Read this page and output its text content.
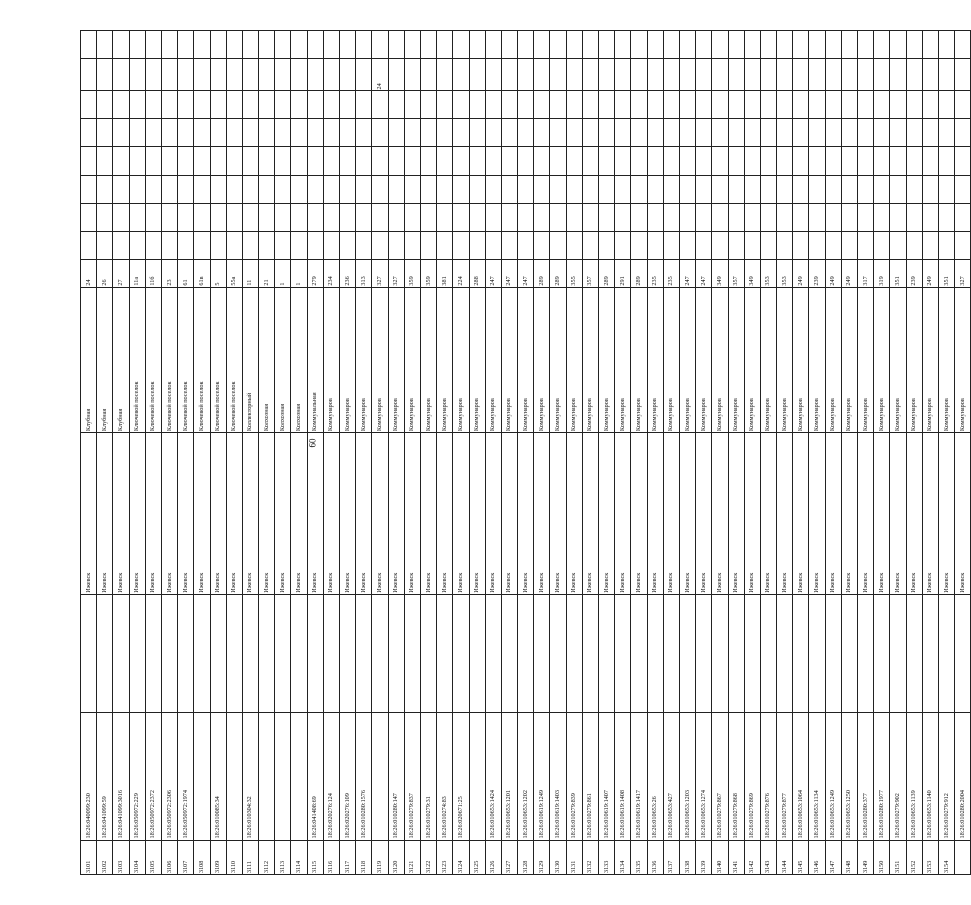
60
3101	18:26:040099:230		Ижевск	Клубная	24								
3102	18:26:041099:59		Ижевск	Клубная	26								
3103	18:26:041099:3016		Ижевск	Клубная	27								
3104	18:26:050972:229		Ижевск	Ключевой поселок	11а								
3105	18:26:050972:2372		Ижевск	Ключевой поселок	11б								
3106	18:26:050972:2306		Ижевск	Ключевой поселок	23								
3107	18:26:050972:1974		Ижевск	Ключевой поселок	61								
3108			Ижевск	Ключевой поселок	61в								
3109	18:26:010085:34		Ижевск	Ключевой поселок	5								
3110			Ижевск	Ключевой поселок	55а								
3111	18:26:010304:32		Ижевск	Коллекторный	11								
3112			Ижевск	Колхозная	21								
3113			Ижевск	Колхозная	1								
3114			Ижевск	Колхозная	1								
3115	18:26:041408:69		Ижевск	Коммунальная	279								
3116	18:26:020276:124		Ижевск	Коммунаров	234								
3117	18:26:020276:109		Ижевск	Коммунаров	236								
3118	18:26:010280:1576		Ижевск	Коммунаров	313								
3119			Ижевск	Коммунаров	327							24	
3120	18:26:010280:147		Ижевск	Коммунаров	327								
3121	18:26:010279:837		Ижевск	Коммунаров	359								
3122	18:26:010279:31		Ижевск	Коммунаров	359								
3123	18:26:010274:83		Ижевск	Коммунаров	381								
3124	18:26:020671:25		Ижевск	Коммунаров	224								
3125			Ижевск	Коммунаров	288								
3126	18:26:010653:1424		Ижевск	Коммунаров	247								
3127	18:26:010653:1201		Ижевск	Коммунаров	247								
3128	18:26:010653:1202		Ижевск	Коммунаров	247								
3129	18:26:010619:1249		Ижевск	Коммунаров	289								
3130	18:26:010619:1403		Ижевск	Коммунаров	289								
3131	18:26:010279:839		Ижевск	Коммунаров	355								
3132	18:26:010279:861		Ижевск	Коммунаров	357								
3133	18:26:010619:1407		Ижевск	Коммунаров	289								
3134	18:26:010619:1408		Ижевск	Коммунаров	291								
3135	18:26:010619:1417		Ижевск	Коммунаров	289								
3136	18:26:010653:26		Ижевск	Коммунаров	235								
3137	18:26:010653:427		Ижевск	Коммунаров	235								
3138	18:26:010653:1203		Ижевск	Коммунаров	247								
3139	18:26:010653:1274		Ижевск	Коммунаров	247								
3140	18:26:010279:867		Ижевск	Коммунаров	349								
3141	18:26:010279:868		Ижевск	Коммунаров	357								
3142	18:26:010279:869		Ижевск	Коммунаров	349								
3143	18:26:010279:876		Ижевск	Коммунаров	353								
3144	18:26:010279:877		Ижевск	Коммунаров	353								
3145	18:26:010653:1064		Ижевск	Коммунаров	249								
3146	18:26:010653:1134		Ижевск	Коммунаров	239								
3147	18:26:010653:1249		Ижевск	Коммунаров	249								
3148	18:26:010653:1250		Ижевск	Коммунаров	249								
3149	18:26:010280:377		Ижевск	Коммунаров	317								
3150	18:26:010280:1977		Ижевск	Коммунаров	319								
3151	18:26:010279:902		Ижевск	Коммунаров	351								
3152	18:26:010653:1139		Ижевск	Коммунаров	239								
3153	18:26:010653:1140		Ижевск	Коммунаров	249								
3154	18:26:010279:912		Ижевск	Коммунаров	351								
	18:26:010280:2004		Ижевск	Коммунаров	327								
